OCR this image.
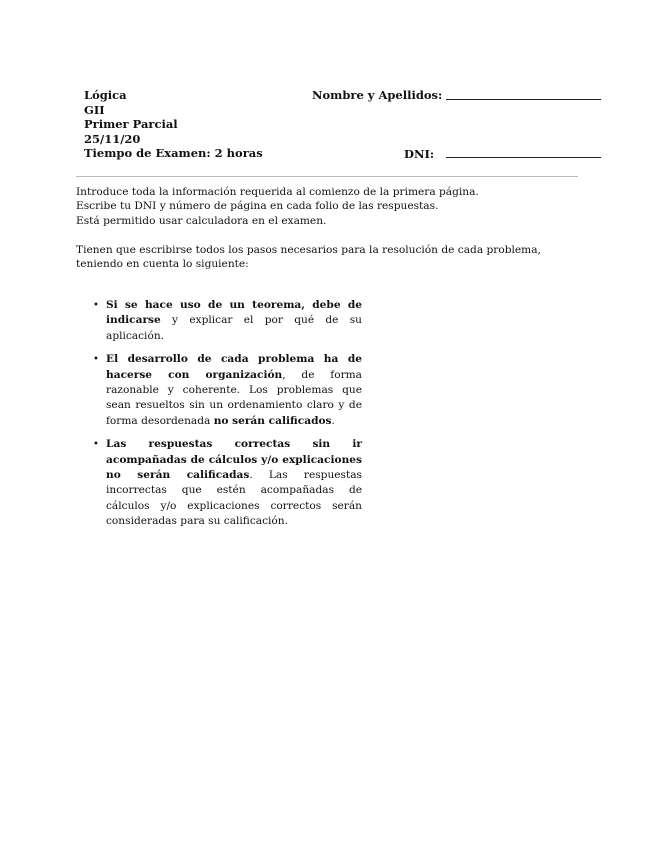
Lógica
GII
Primer Parcial
25/11/20
Tiempo de Examen: 2 horas
Nombre y Apellidos:
DNI:
Introduce toda la información requerida al comienzo de la primera página.
Escribe tu DNI y número de página en cada folio de las respuestas.
Está permitido usar calculadora en el examen.
Tienen que escribirse todos los pasos necesarios para la resolución de cada problema, teniendo en cuenta lo siguiente:
• Si se hace uso de un teorema, debe de indicarse y explicar el por qué de su aplicación.
• El desarrollo de cada problema ha de hacerse con organización, de forma razonable y coherente. Los problemas que sean resueltos sin un ordenamiento claro y de forma desordenada no serán calificados.
• Las respuestas correctas sin ir acompañadas de cálculos y/o explicaciones no serán calificadas. Las respuestas incorrectas que estén acompañadas de cálculos y/o explicaciones correctos serán consideradas para su calificación.
